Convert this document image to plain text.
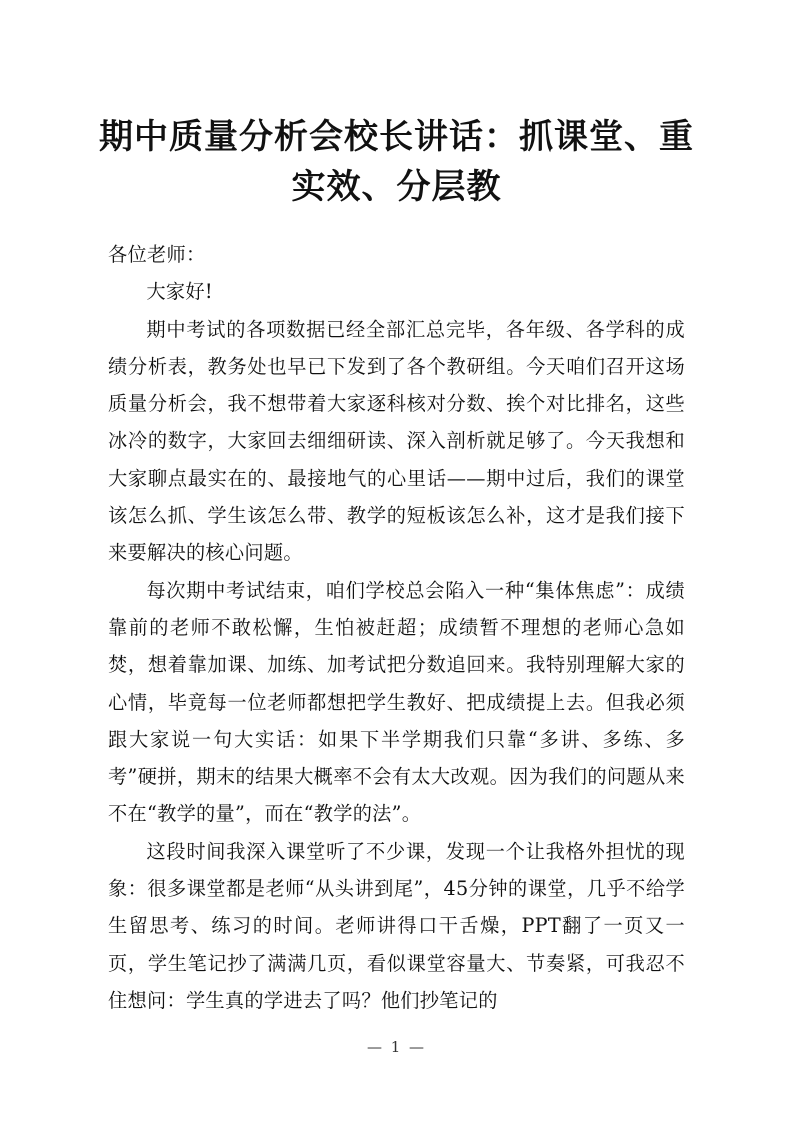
期中质量分析会校长讲话：抓课堂、重实效、分层教

各位老师：

大家好!

期中考试的各项数据已经全部汇总完毕，各年级、各学科的成绩分析表，教务处也早已下发到了各个教研组。今天咱们召开这场质量分析会，我不想带着大家逐科核对分数、挨个对比排名，这些冰冷的数字，大家回去细细研读、深入剖析就足够了。今天我想和大家聊点最实在的、最接地气的心里话——期中过后，我们的课堂该怎么抓、学生该怎么带、教学的短板该怎么补，这才是我们接下来要解决的核心问题。

每次期中考试结束，咱们学校总会陷入一种“集体焦虑”：成绩靠前的老师不敢松懈，生怕被赶超；成绩暂不理想的老师心急如焚，想着靠加课、加练、加考试把分数追回来。我特别理解大家的心情，毕竟每一位老师都想把学生教好、把成绩提上去。但我必须跟大家说一句大实话：如果下半学期我们只靠“多讲、多练、多考”硬拼，期末的结果大概率不会有太大改观。因为我们的问题从来不在“教学的量”，而在“教学的法”。

这段时间我深入课堂听了不少课，发现一个让我格外担忧的现象：很多课堂都是老师“从头讲到尾”，45分钟的课堂，几乎不给学生留思考、练习的时间。老师讲得口干舌燥，PPT翻了一页又一页，学生笔记抄了满满几页，看似课堂容量大、节奏紧，可我忍不住想问：学生真的学进去了吗？他们抄笔记的

— 1 —
